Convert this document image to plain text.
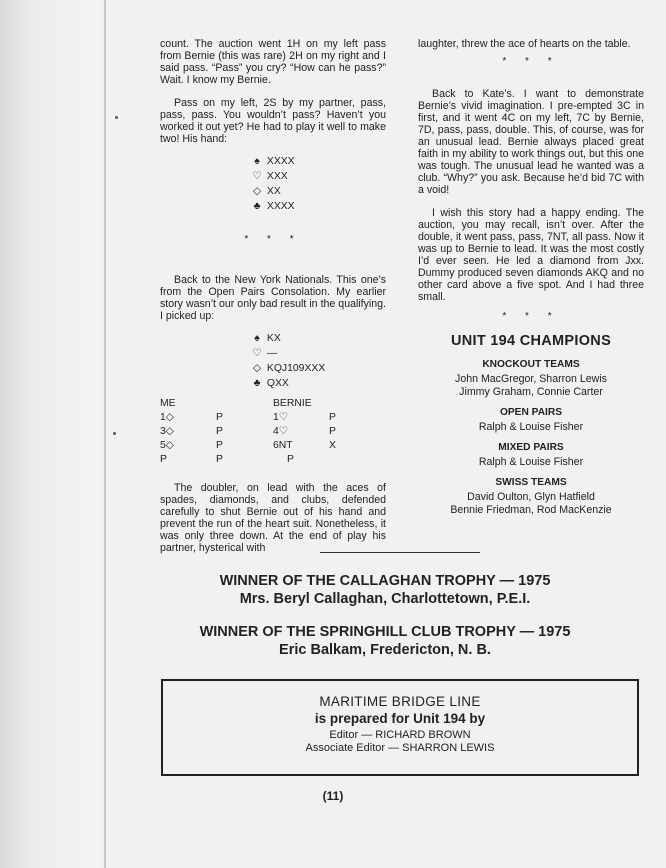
count. The auction went 1H on my left pass from Bernie (this was rare) 2H on my right and I said pass. “Pass” you cry? “How can he pass?” Wait. I know my Bernie.

Pass on my left, 2S by my partner, pass, pass, pass. You wouldn’t pass? Haven’t you worked it out yet? He had to play it well to make two! His hand:

♠ XXXX
♡ XXX
◇ XX
♣ XXXX
* * *

Back to the New York Nationals. This one’s from the Open Pairs Consolation. My earlier story wasn’t our only bad result in the qualifying. I picked up:

♠ KX
♡ —
◇ KQJ109XXX
♣ QXX
ME		BERNIE	
1◇	P	1♡	P
3◇	P	4♡	P
5◇	P	6NT	X
P	P	P	

The doubler, on lead with the aces of spades, diamonds, and clubs, defended carefully to shut Bernie out of his hand and prevent the run of the heart suit. Nonetheless, it was only three down. At the end of play his partner, hysterical with

laughter, threw the ace of hearts on the table.

* * *

Back to Kate’s. I want to demonstrate Bernie’s vivid imagination. I pre-empted 3C in first, and it went 4C on my left, 7C by Bernie, 7D, pass, pass, double. This, of course, was for an unusual lead. Bernie always placed great faith in my ability to work things out, but this one was tough. The unusual lead he wanted was a club. “Why?” you ask. Because he’d bid 7C with a void!

I wish this story had a happy ending. The auction, you may recall, isn’t over. After the double, it went pass, pass, 7NT, all pass. Now it was up to Bernie to lead. It was the most costly I’d ever seen. He led a diamond from Jxx. Dummy produced seven diamonds AKQ and no other card above a five spot. And I had three small.

* * *
UNIT 194 CHAMPIONS
KNOCKOUT TEAMS
John MacGregor, Sharron Lewis
Jimmy Graham, Connie Carter
OPEN PAIRS
Ralph & Louise Fisher
MIXED PAIRS
Ralph & Louise Fisher
SWISS TEAMS
David Oulton, Glyn Hatfield
Bennie Friedman, Rod MacKenzie
WINNER OF THE CALLAGHAN TROPHY — 1975
Mrs. Beryl Callaghan, Charlottetown, P.E.I.
WINNER OF THE SPRINGHILL CLUB TROPHY — 1975
Eric Balkam, Fredericton, N. B.
MARITIME BRIDGE LINE
is prepared for Unit 194 by
Editor — RICHARD BROWN
Associate Editor — SHARRON LEWIS
(11)
